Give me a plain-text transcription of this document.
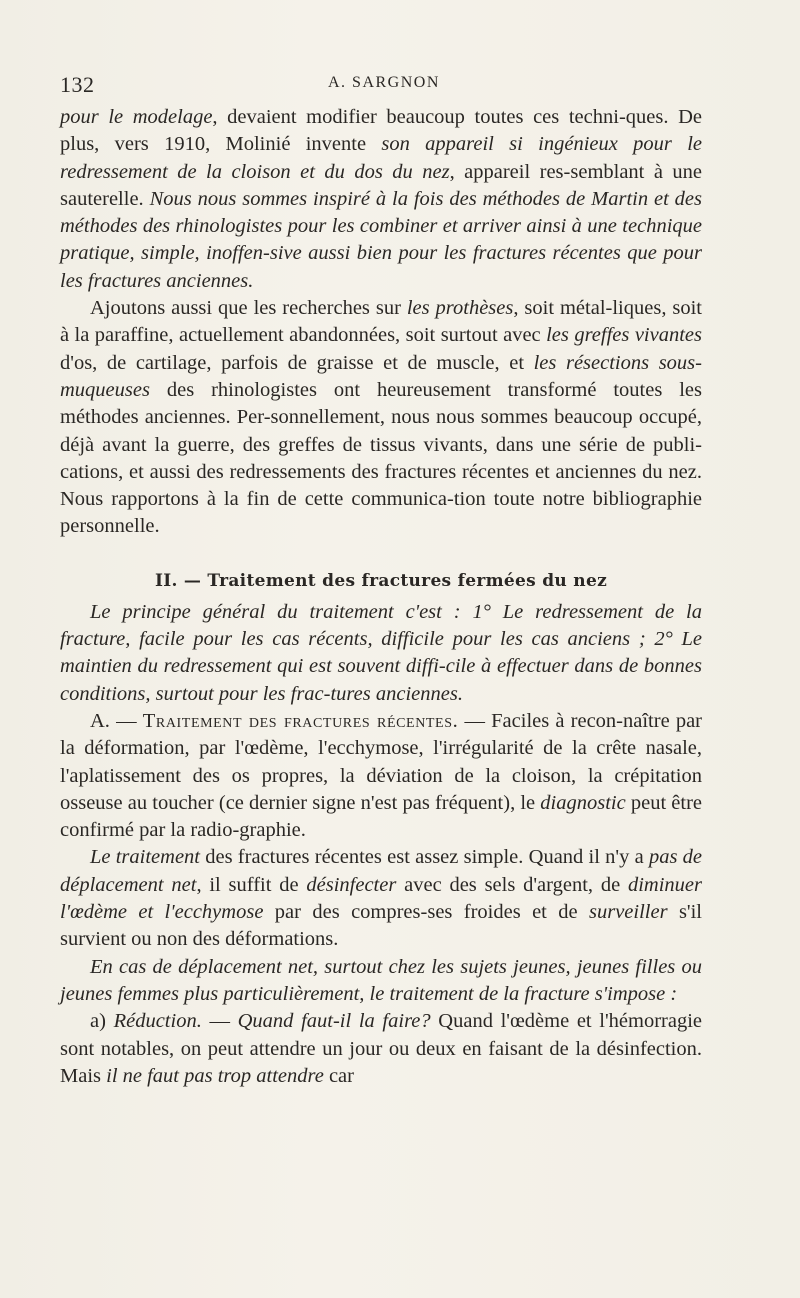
132	A. SARGNON

pour le modelage, devaient modifier beaucoup toutes ces techni-ques. De plus, vers 1910, Molinié invente son appareil si ingénieux pour le redressement de la cloison et du dos du nez, appareil res-semblant à une sauterelle. Nous nous sommes inspiré à la fois des méthodes de Martin et des méthodes des rhinologistes pour les combiner et arriver ainsi à une technique pratique, simple, inoffen-sive aussi bien pour les fractures récentes que pour les fractures anciennes.

Ajoutons aussi que les recherches sur les prothèses, soit métal-liques, soit à la paraffine, actuellement abandonnées, soit surtout avec les greffes vivantes d'os, de cartilage, parfois de graisse et de muscle, et les résections sous-muqueuses des rhinologistes ont heureusement transformé toutes les méthodes anciennes. Per-sonnellement, nous nous sommes beaucoup occupé, déjà avant la guerre, des greffes de tissus vivants, dans une série de publi-cations, et aussi des redressements des fractures récentes et anciennes du nez. Nous rapportons à la fin de cette communica-tion toute notre bibliographie personnelle.

II. — Traitement des fractures fermées du nez

Le principe général du traitement c'est : 1° Le redressement de la fracture, facile pour les cas récents, difficile pour les cas anciens ; 2° Le maintien du redressement qui est souvent diffi-cile à effectuer dans de bonnes conditions, surtout pour les frac-tures anciennes.

A. — Traitement des fractures récentes. — Faciles à recon-naître par la déformation, par l'œdème, l'ecchymose, l'irrégularité de la crête nasale, l'aplatissement des os propres, la déviation de la cloison, la crépitation osseuse au toucher (ce dernier signe n'est pas fréquent), le diagnostic peut être confirmé par la radio-graphie.

Le traitement des fractures récentes est assez simple. Quand il n'y a pas de déplacement net, il suffit de désinfecter avec des sels d'argent, de diminuer l'œdème et l'ecchymose par des compres-ses froides et de surveiller s'il survient ou non des déformations.

En cas de déplacement net, surtout chez les sujets jeunes, jeunes filles ou jeunes femmes plus particulièrement, le traitement de la fracture s'impose :

a) Réduction. — Quand faut-il la faire? Quand l'œdème et l'hémorragie sont notables, on peut attendre un jour ou deux en faisant de la désinfection. Mais il ne faut pas trop attendre car
